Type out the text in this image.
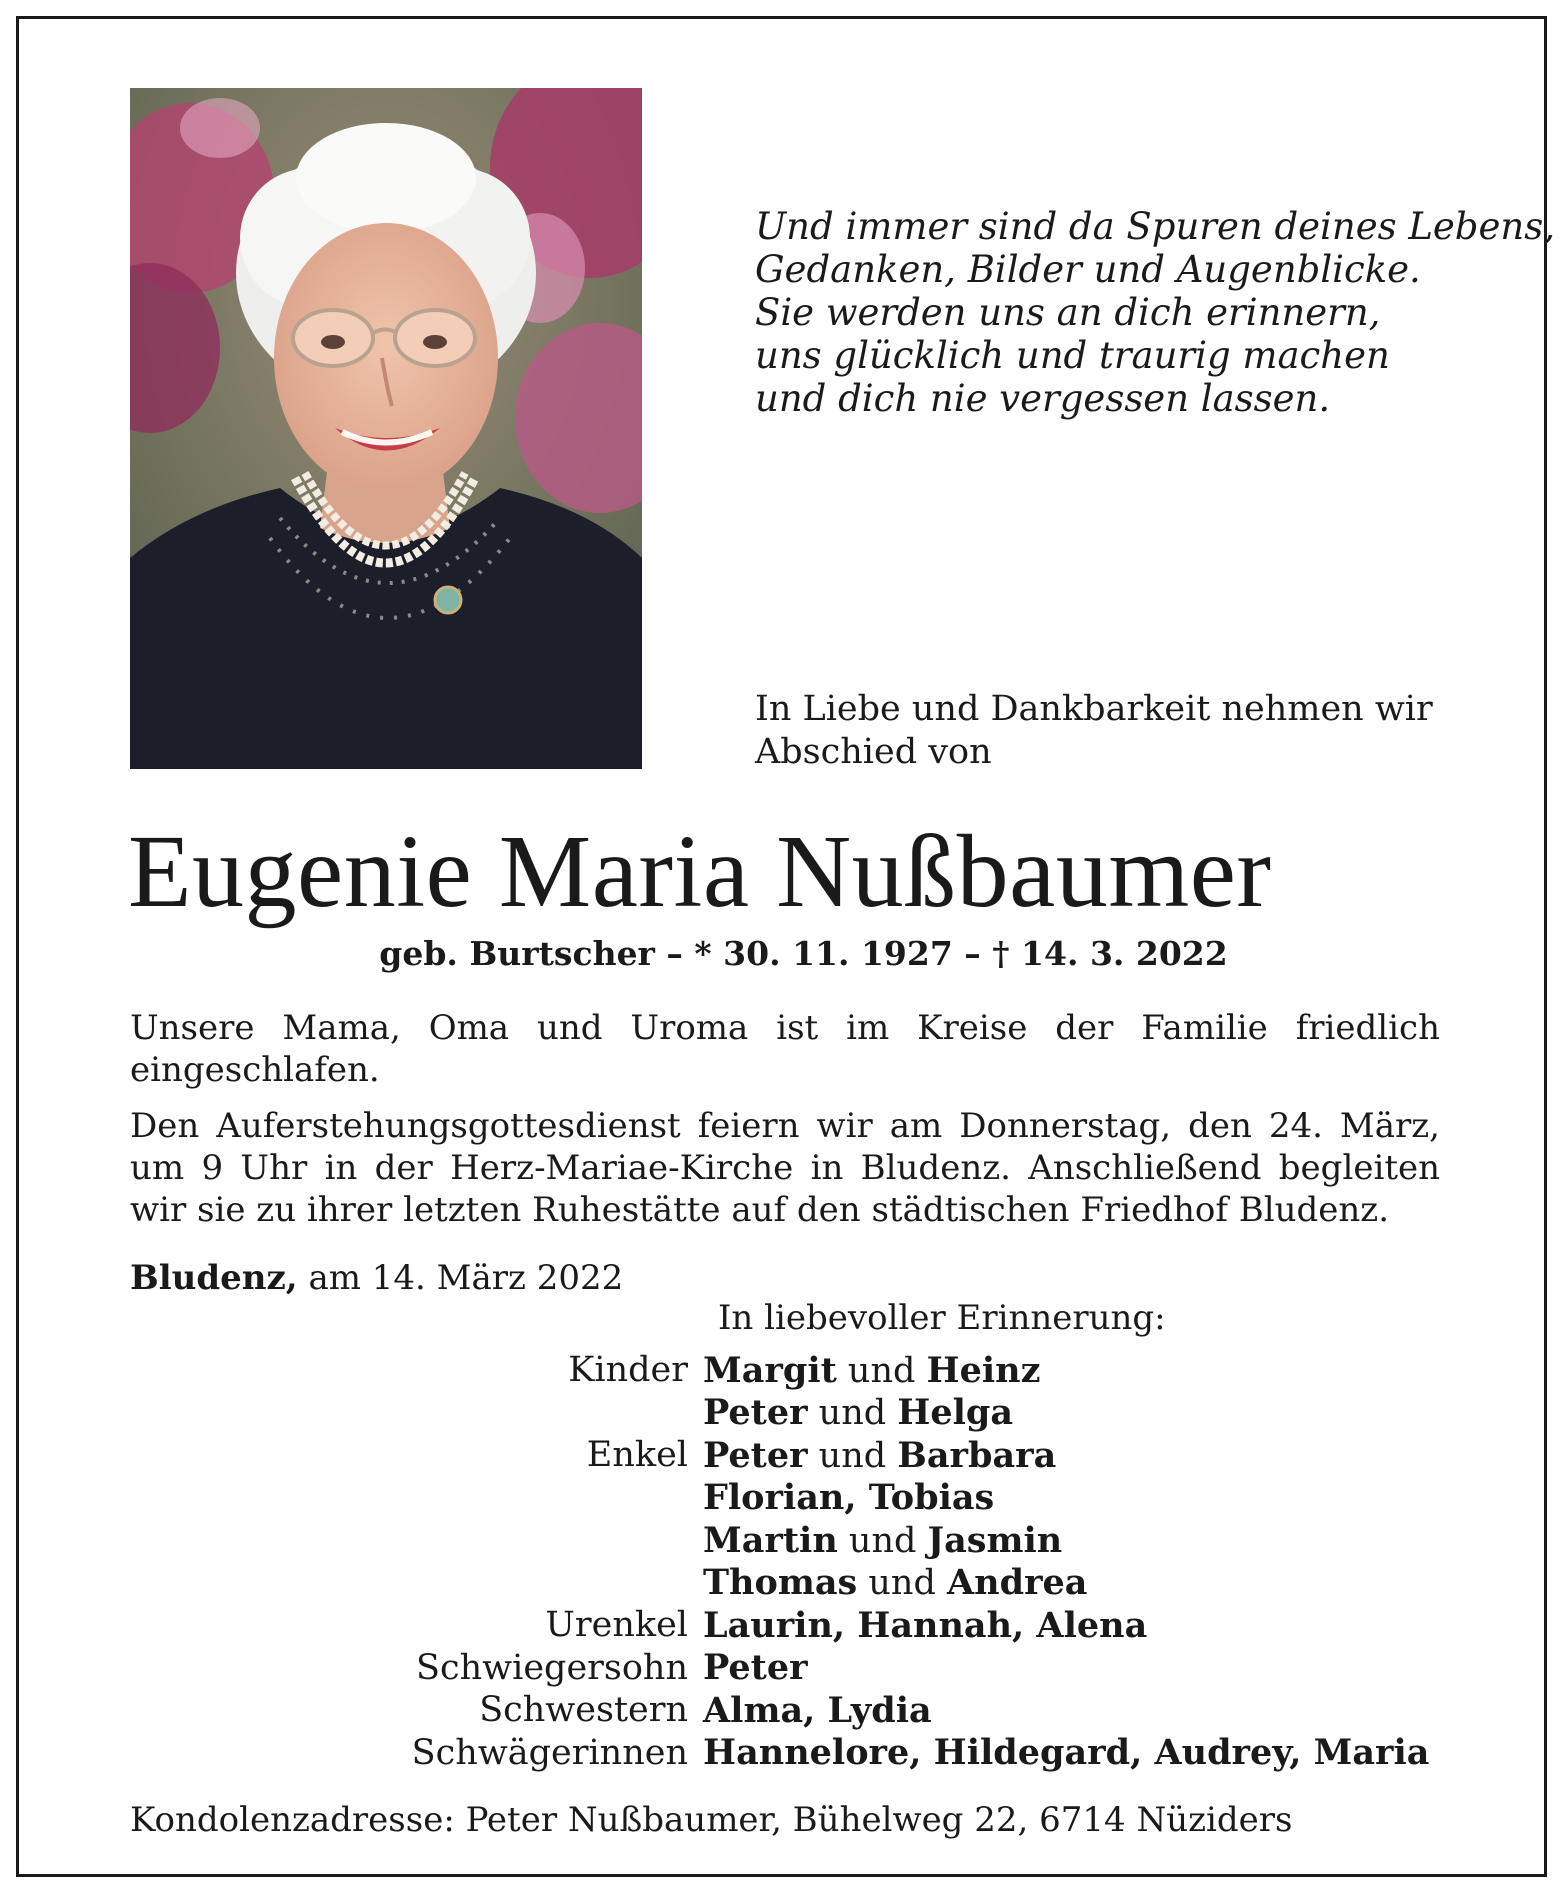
Und immer sind da Spuren deines Lebens,
Gedanken, Bilder und Augenblicke.
Sie werden uns an dich erinnern,
uns glücklich und traurig machen
und dich nie vergessen lassen.
In Liebe und Dankbarkeit nehmen wir
Abschied von
Eugenie Maria Nußbaumer
geb. Burtscher – * 30. 11. 1927 – † 14. 3. 2022
Unsere Mama, Oma und Uroma ist im Kreise der Familie friedlich eingeschlafen.
Den Auferstehungsgottesdienst feiern wir am Donnerstag, den 24. März, um 9 Uhr in der Herz-Mariae-Kirche in Bludenz. Anschließend begleiten wir sie zu ihrer letzten Ruhestätte auf den städtischen Friedhof Bludenz.
Bludenz, am 14. März 2022
In liebevoller Erinnerung:
Kinder Margit und Heinz
Peter und Helga
Enkel Peter und Barbara
Florian, Tobias
Martin und Jasmin
Thomas und Andrea
Urenkel Laurin, Hannah, Alena
Schwiegersohn Peter
Schwestern Alma, Lydia
Schwägerinnen Hannelore, Hildegard, Audrey, Maria
Kondolenzadresse: Peter Nußbaumer, Bühelweg 22, 6714 Nüziders
